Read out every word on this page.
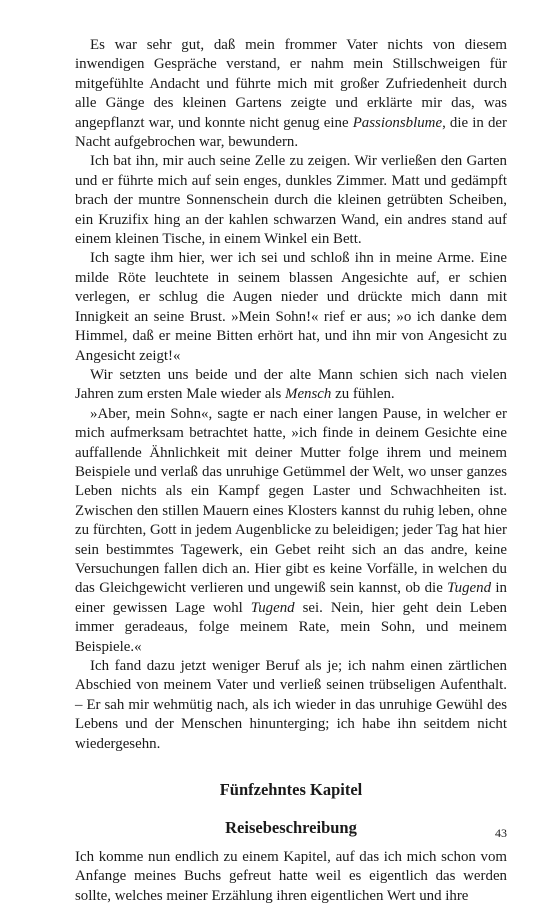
Es war sehr gut, daß mein frommer Vater nichts von diesem inwendigen Gespräche verstand, er nahm mein Stillschweigen für mitgefühlte Andacht und führte mich mit großer Zufriedenheit durch alle Gänge des kleinen Gartens zeigte und erklärte mir das, was angepflanzt war, und konnte nicht genug eine Passionsblume, die in der Nacht aufgebrochen war, bewundern.

Ich bat ihn, mir auch seine Zelle zu zeigen. Wir verließen den Garten und er führte mich auf sein enges, dunkles Zimmer. Matt und gedämpft brach der muntre Sonnenschein durch die kleinen getrübten Scheiben, ein Kruzifix hing an der kahlen schwarzen Wand, ein andres stand auf einem kleinen Tische, in einem Winkel ein Bett.

Ich sagte ihm hier, wer ich sei und schloß ihn in meine Arme. Eine milde Röte leuchtete in seinem blassen Angesichte auf, er schien verlegen, er schlug die Augen nieder und drückte mich dann mit Innigkeit an seine Brust. »Mein Sohn!« rief er aus; »o ich danke dem Himmel, daß er meine Bitten erhört hat, und ihn mir von Angesicht zu Angesicht zeigt!«

Wir setzten uns beide und der alte Mann schien sich nach vielen Jahren zum ersten Male wieder als Mensch zu fühlen.

»Aber, mein Sohn«, sagte er nach einer langen Pause, in welcher er mich aufmerksam betrachtet hatte, »ich finde in deinem Gesichte eine auffallende Ähnlichkeit mit deiner Mutter folge ihrem und meinem Beispiele und verlaß das unruhige Getümmel der Welt, wo unser ganzes Leben nichts als ein Kampf gegen Laster und Schwachheiten ist. Zwischen den stillen Mauern eines Klosters kannst du ruhig leben, ohne zu fürchten, Gott in jedem Augenblicke zu beleidigen; jeder Tag hat hier sein bestimmtes Tagewerk, ein Gebet reiht sich an das andre, keine Versuchungen fallen dich an. Hier gibt es keine Vorfälle, in welchen du das Gleichgewicht verlieren und ungewiß sein kannst, ob die Tugend in einer gewissen Lage wohl Tugend sei. Nein, hier geht dein Leben immer geradeaus, folge meinem Rate, mein Sohn, und meinem Beispiele.«

Ich fand dazu jetzt weniger Beruf als je; ich nahm einen zärtlichen Abschied von meinem Vater und verließ seinen trübseligen Aufenthalt. – Er sah mir wehmütig nach, als ich wieder in das unruhige Gewühl des Lebens und der Menschen hinunterging; ich habe ihn seitdem nicht wiedergesehn.

Fünfzehntes Kapitel
Reisebeschreibung

Ich komme nun endlich zu einem Kapitel, auf das ich mich schon vom Anfange meines Buchs gefreut hatte weil es eigentlich das werden sollte, welches meiner Erzählung ihren eigentlichen Wert und ihre

43
